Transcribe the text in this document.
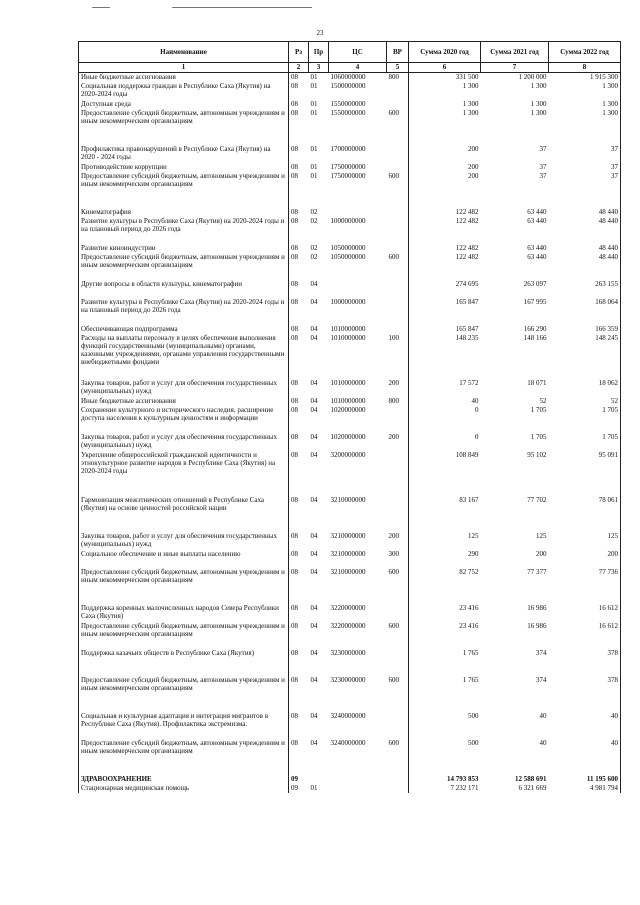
23
Наименование	Рз	Пр	ЦС	ВР	Сумма 2020 год	Сумма 2021 год	Сумма 2022 год
1	2	3	4	5	6	7	8
Иные бюджетные ассигнования	08	01	1060000000	800	331 500	1 200 000	1 915 300
Социальная поддержка граждан в Республике Саха (Якутия) на 2020-2024 годы	08	01	1500000000		1 300	1 300	1 300
Доступная среда	08	01	1550000000		1 300	1 300	1 300
Предоставление субсидий бюджетным, автономным учреждениям и иным некоммерческим организациям	08	01	1550000000	600	1 300	1 300	1 300
Профилактика правонарушений в Республике Саха (Якутия) на 2020 - 2024 годы	08	01	1700000000		200	37	37
Противодействие коррупции	08	01	1750000000		200	37	37
Предоставление субсидий бюджетным, автономным учреждениям и иным некоммерческим организациям	08	01	1750000000	600	200	37	37
Кинематография	08	02			122 482	63 440	48 440
Развитие культуры в Республике Саха (Якутия) на 2020-2024 годы и на плановый период до 2026 года	08	02	1000000000		122 482	63 440	48 440
Развитие киноиндустрии	08	02	1050000000		122 482	63 440	48 440
Предоставление субсидий бюджетным, автономным учреждениям и иным некоммерческим организациям	08	02	1050000000	600	122 482	63 440	48 440
Другие вопросы в области культуры, кинематографии	08	04			274 695	263 097	263 155
Развитие культуры в Республике Саха (Якутия) на 2020-2024 годы и на плановый период до 2026 года	08	04	1000000000		165 847	167 995	168 064
Обеспечивающая подпрограмма	08	04	1010000000		165 847	166 290	166 359
Расходы на выплаты персоналу в целях обеспечения выполнения функций государственными (муниципальными) органами, казенными учреждениями, органами управления государственными внебюджетными фондами	08	04	1010000000	100	148 235	148 166	148 245
Закупка товаров, работ и услуг для обеспечения государственных (муниципальных) нужд	08	04	1010000000	200	17 572	18 071	18 062
Иные бюджетные ассигнования	08	04	1010000000	800	40	52	52
Сохранение культурного и исторического наследия, расширение доступа населения к культурным ценностям и информации	08	04	1020000000		0	1 705	1 705
Закупка товаров, работ и услуг для обеспечения государственных (муниципальных) нужд	08	04	1020000000	200	0	1 705	1 705
Укрепление общероссийской гражданской идентичности и этнокультурное развитие народов в Республике Саха (Якутия) на 2020-2024 годы	08	04	3200000000		108 849	95 102	95 091
Гармонизация межэтнических отношений в Республике Саха (Якутия) на основе ценностей российской нации	08	04	3210000000		83 167	77 702	78 061
Закупка товаров, работ и услуг для обеспечения государственных (муниципальных) нужд	08	04	3210000000	200	125	125	125
Социальное обеспечение и иные выплаты населению	08	04	3210000000	300	290	200	200
Предоставление субсидий бюджетным, автономным учреждениям и иным некоммерческим организациям	08	04	3210000000	600	82 752	77 377	77 736
Поддержка коренных малочисленных народов Севера Республики Саха (Якутия)	08	04	3220000000		23 416	16 986	16 612
Предоставление субсидий бюджетным, автономным учреждениям и иным некоммерческим организациям	08	04	3220000000	600	23 416	16 986	16 612
Поддержка казачьих обществ в Республике Саха (Якутия)	08	04	3230000000		1 765	374	378
Предоставление субсидий бюджетным, автономным учреждениям и иным некоммерческим организациям	08	04	3230000000	600	1 765	374	378
Социальная и культурная адаптация и интеграция мигрантов в Республике Саха (Якутия). Профилактика экстремизма.	08	04	3240000000		500	40	40
Предоставление субсидий бюджетным, автономным учреждениям и иным некоммерческим организациям	08	04	3240000000	600	500	40	40
ЗДРАВООХРАНЕНИЕ	09				14 793 853	12 588 691	11 195 600
Стационарная медицинская помощь	09	01			7 232 171	6 321 669	4 981 794
